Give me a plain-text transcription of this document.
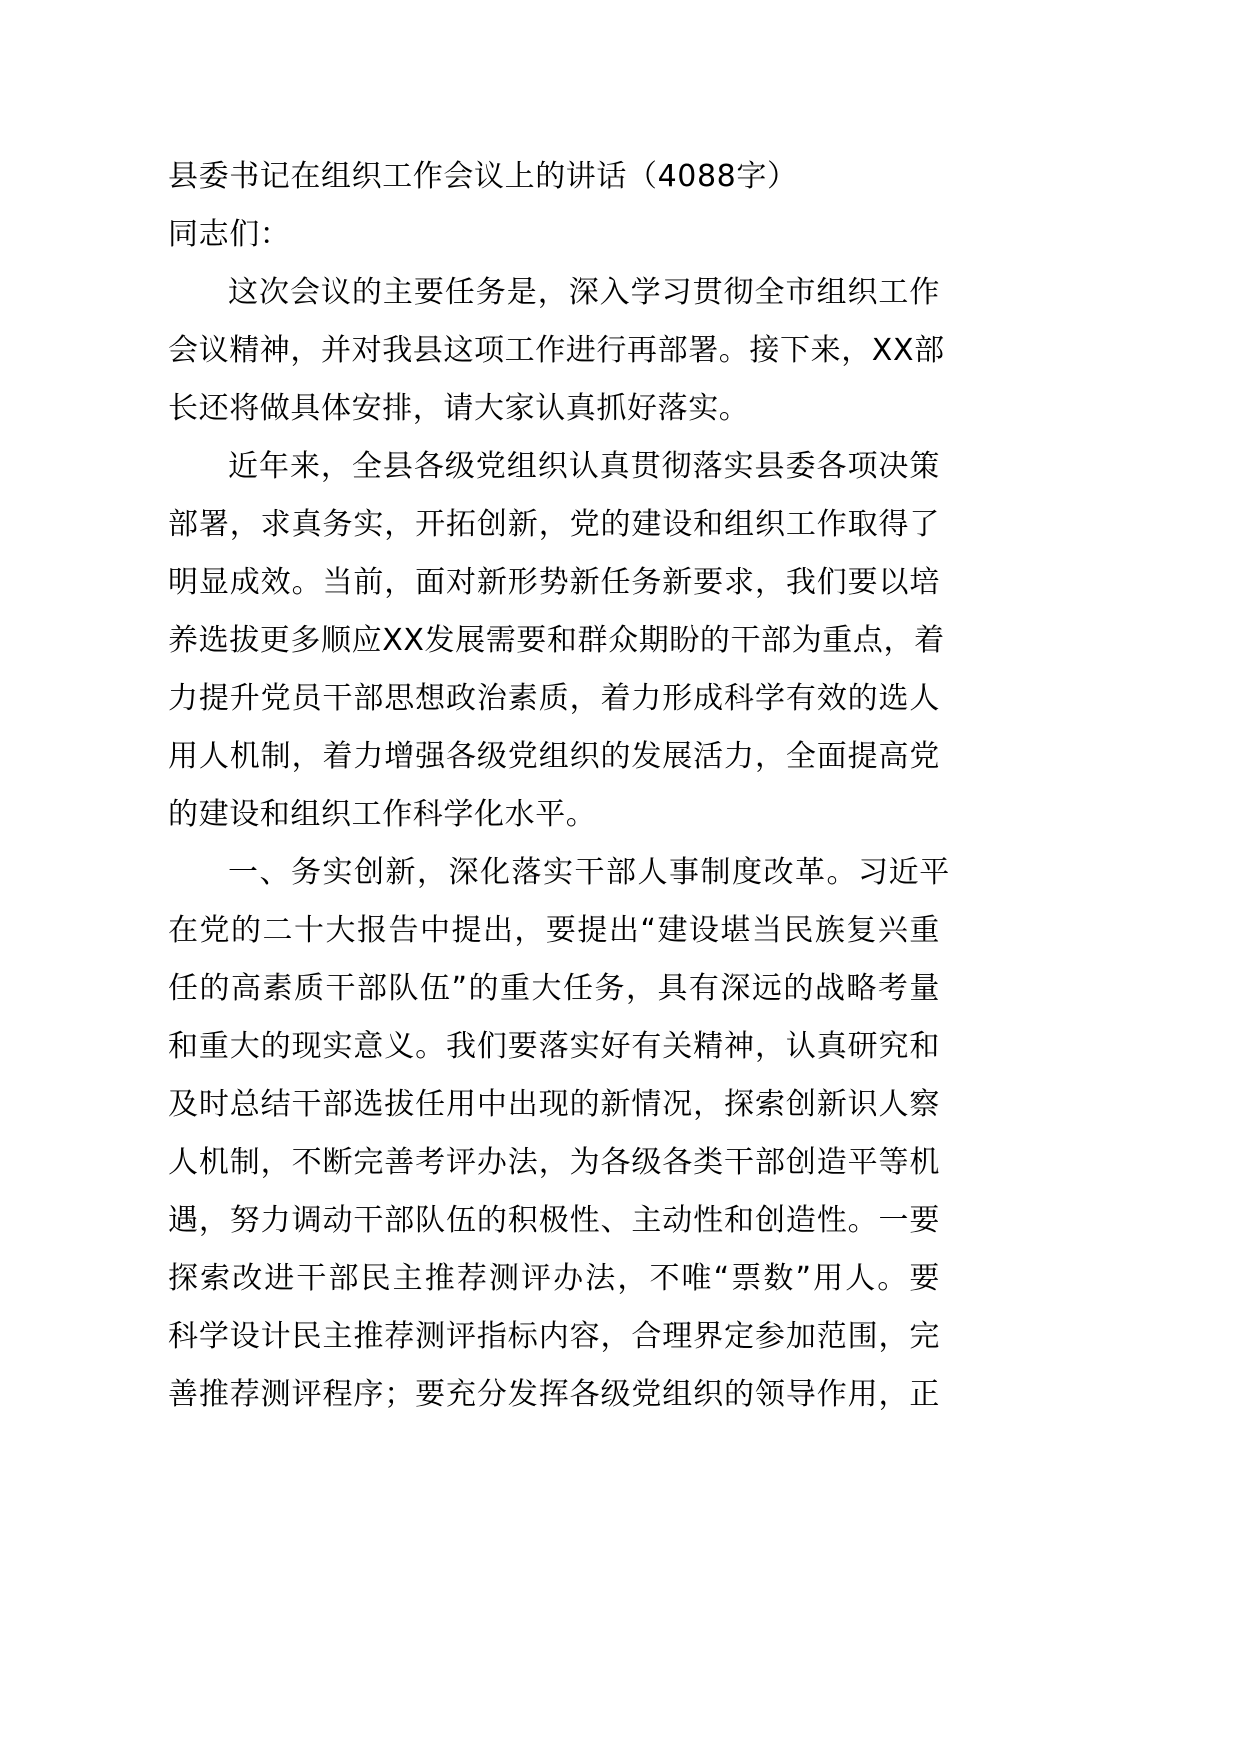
县委书记在组织工作会议上的讲话（4088字）
同志们：
这次会议的主要任务是，深入学习贯彻全市组织工作
会议精神，并对我县这项工作进行再部署。接下来，XX部
长还将做具体安排，请大家认真抓好落实。
近年来，全县各级党组织认真贯彻落实县委各项决策
部署，求真务实，开拓创新，党的建设和组织工作取得了
明显成效。当前，面对新形势新任务新要求，我们要以培
养选拔更多顺应XX发展需要和群众期盼的干部为重点，着
力提升党员干部思想政治素质，着力形成科学有效的选人
用人机制，着力增强各级党组织的发展活力，全面提高党
的建设和组织工作科学化水平。
一、务实创新，深化落实干部人事制度改革。习近平
在党的二十大报告中提出，要提出“建设堪当民族复兴重
任的高素质干部队伍”的重大任务，具有深远的战略考量
和重大的现实意义。我们要落实好有关精神，认真研究和
及时总结干部选拔任用中出现的新情况，探索创新识人察
人机制，不断完善考评办法，为各级各类干部创造平等机
遇，努力调动干部队伍的积极性、主动性和创造性。一要
探索改进干部民主推荐测评办法，不唯“票数”用人。要
科学设计民主推荐测评指标内容，合理界定参加范围，完
善推荐测评程序；要充分发挥各级党组织的领导作用，正
